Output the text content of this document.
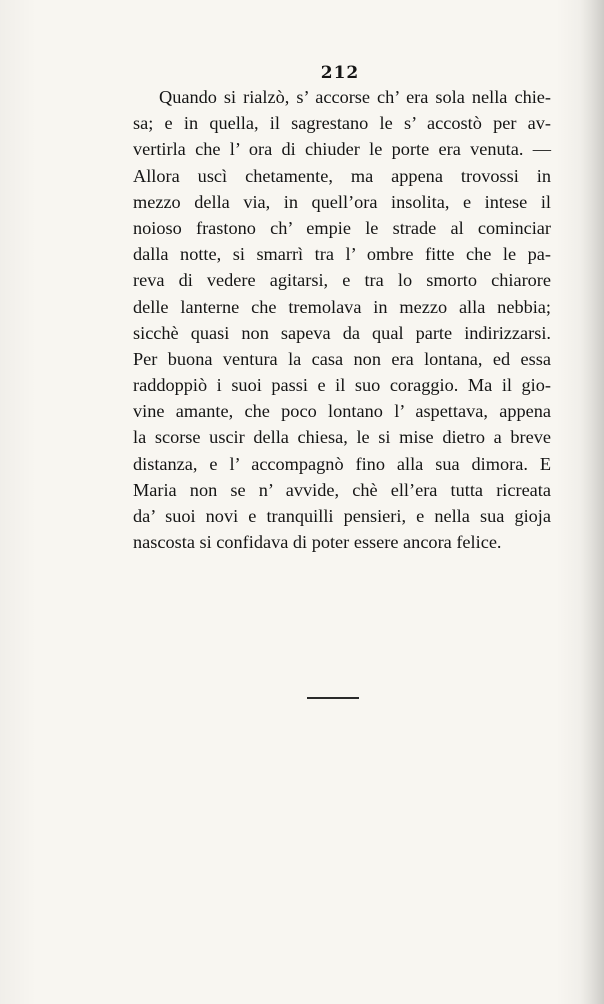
212
Quando si rialzò, s’ accorse ch’ era sola nella chie-
sa; e in quella, il sagrestano le s’ accostò per av-
vertirla che l’ ora di chiuder le porte era venuta. —
Allora uscì chetamente, ma appena trovossi in
mezzo della via, in quell’ora insolita, e intese il
noioso frastono ch’ empie le strade al cominciar
dalla notte, si smarrì tra l’ ombre fitte che le pa-
reva di vedere agitarsi, e tra lo smorto chiarore
delle lanterne che tremolava in mezzo alla nebbia;
sicchè quasi non sapeva da qual parte indirizzarsi.
Per buona ventura la casa non era lontana, ed essa
raddoppiò i suoi passi e il suo coraggio. Ma il gio-
vine amante, che poco lontano l’ aspettava, appena
la scorse uscir della chiesa, le si mise dietro a breve
distanza, e l’ accompagnò fino alla sua dimora. E
Maria non se n’ avvide, chè ell’era tutta ricreata
da’ suoi novi e tranquilli pensieri, e nella sua gioja
nascosta si confidava di poter essere ancora felice.
